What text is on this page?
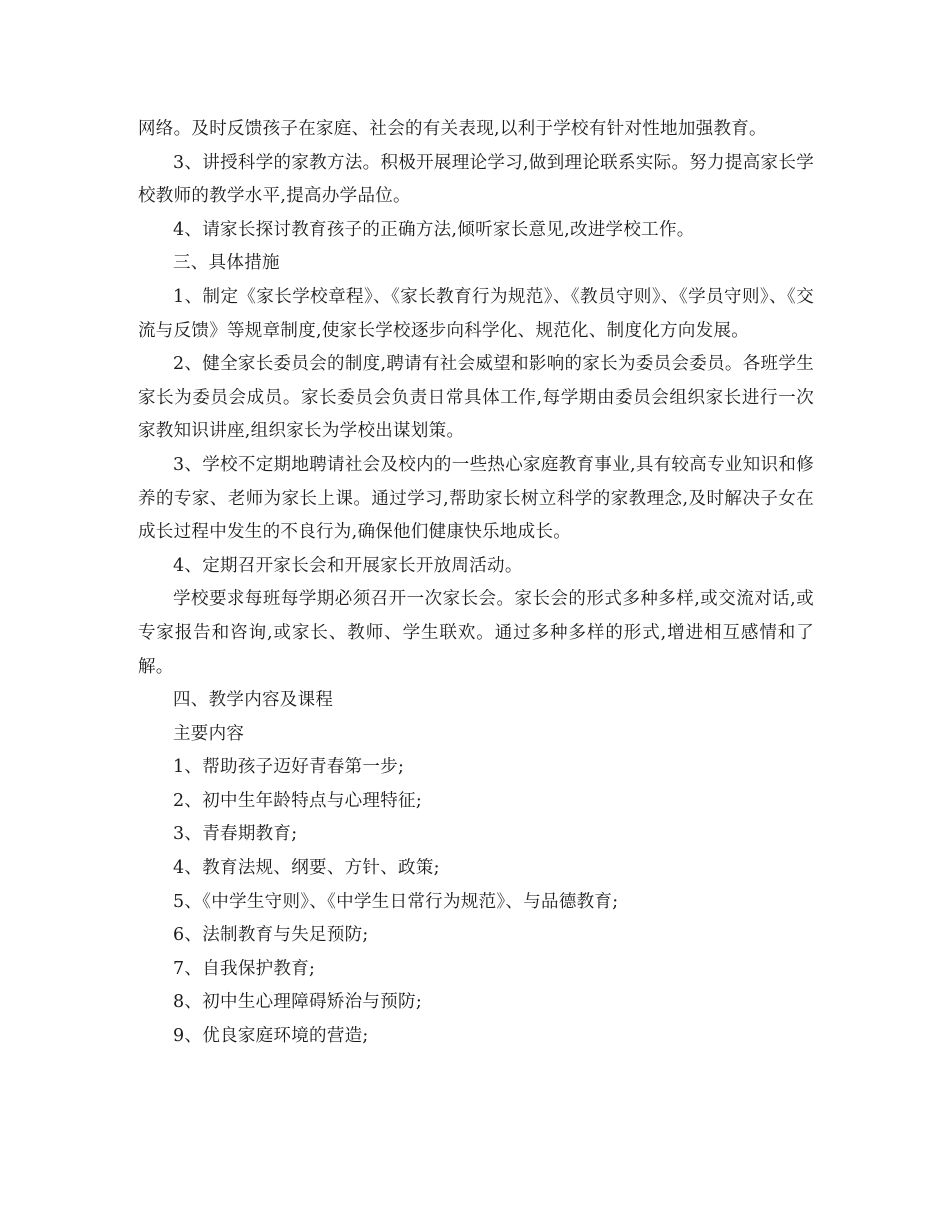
网络。及时反馈孩子在家庭、社会的有关表现,以利于学校有针对性地加强教育。

3、讲授科学的家教方法。积极开展理论学习,做到理论联系实际。努力提高家长学校教师的教学水平,提高办学品位。

4、请家长探讨教育孩子的正确方法,倾听家长意见,改进学校工作。

三、具体措施

1、制定《家长学校章程》、《家长教育行为规范》、《教员守则》、《学员守则》、《交流与反馈》等规章制度,使家长学校逐步向科学化、规范化、制度化方向发展。

2、健全家长委员会的制度,聘请有社会威望和影响的家长为委员会委员。各班学生家长为委员会成员。家长委员会负责日常具体工作,每学期由委员会组织家长进行一次家教知识讲座,组织家长为学校出谋划策。

3、学校不定期地聘请社会及校内的一些热心家庭教育事业,具有较高专业知识和修养的专家、老师为家长上课。通过学习,帮助家长树立科学的家教理念,及时解决子女在成长过程中发生的不良行为,确保他们健康快乐地成长。

4、定期召开家长会和开展家长开放周活动。

学校要求每班每学期必须召开一次家长会。家长会的形式多种多样,或交流对话,或专家报告和咨询,或家长、教师、学生联欢。通过多种多样的形式,增进相互感情和了解。

四、教学内容及课程

主要内容

1、帮助孩子迈好青春第一步;

2、初中生年龄特点与心理特征;

3、青春期教育;

4、教育法规、纲要、方针、政策;

5、《中学生守则》、《中学生日常行为规范》、与品德教育;

6、法制教育与失足预防;

7、自我保护教育;

8、初中生心理障碍矫治与预防;

9、优良家庭环境的营造;
